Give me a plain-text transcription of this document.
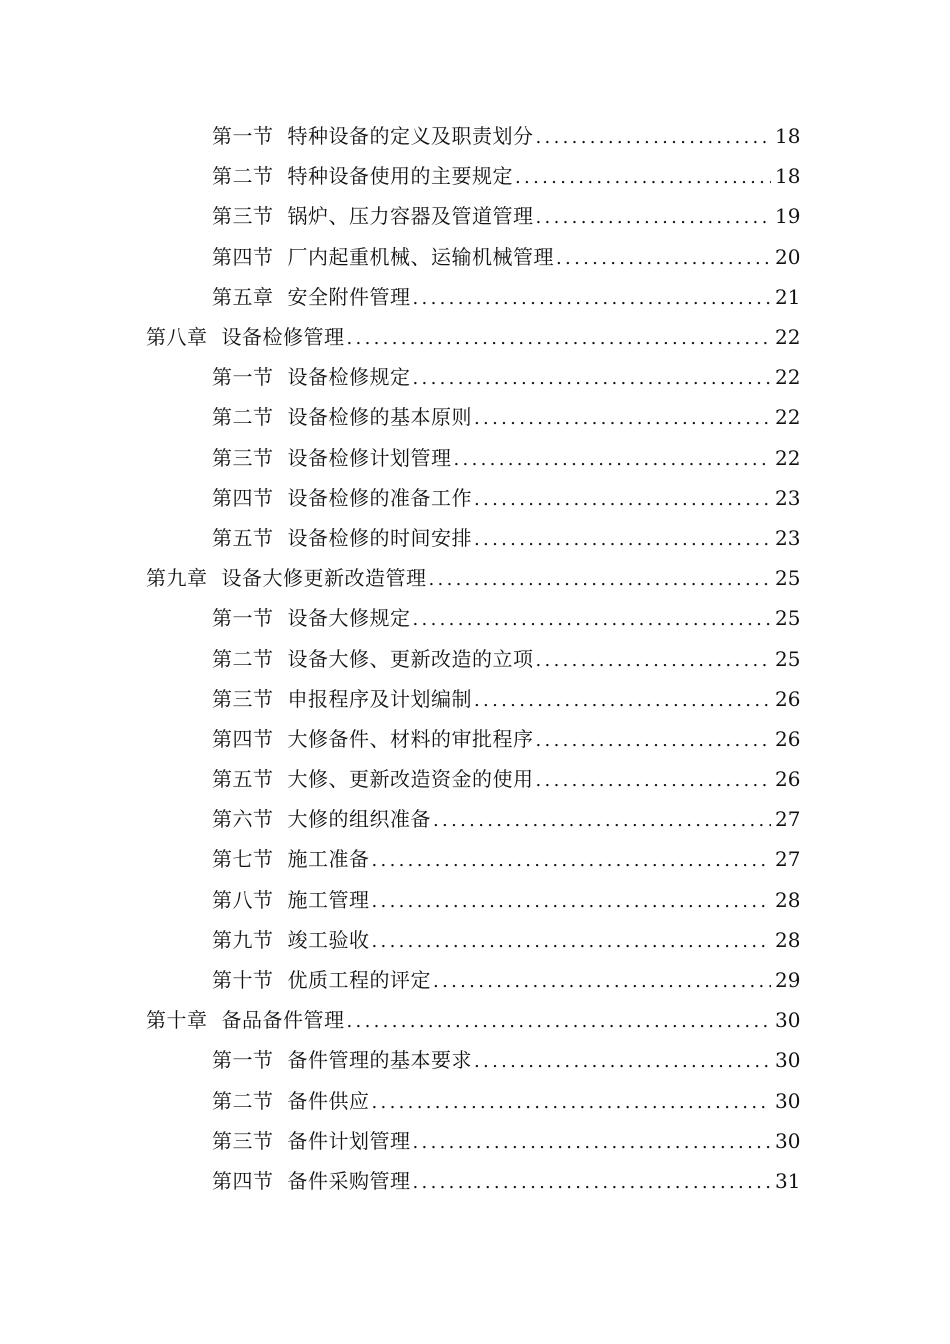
第一节 特种设备的定义及职责划分 . . .	18
第二节 特种设备使用的主要规定 . . .	18
第三节 锅炉、压力容器及管道管理 . . .	19
第四节 厂内起重机械、运输机械管理 . . .	20
第五章 安全附件管理 . . .	21
第八章 设备检修管理 . . .	22
第一节 设备检修规定 . . .	22
第二节 设备检修的基本原则 . . .	22
第三节 设备检修计划管理 . . .	22
第四节 设备检修的准备工作 . . .	23
第五节 设备检修的时间安排 . . .	23
第九章 设备大修更新改造管理 . . .	25
第一节 设备大修规定 . . .	25
第二节 设备大修、更新改造的立项 . . .	25
第三节 申报程序及计划编制 . . .	26
第四节 大修备件、材料的审批程序 . . .	26
第五节 大修、更新改造资金的使用 . . .	26
第六节 大修的组织准备 . . .	27
第七节 施工准备 . . .	27
第八节 施工管理 . . .	28
第九节 竣工验收 . . .	28
第十节 优质工程的评定 . . .	29
第十章 备品备件管理 . . .	30
第一节 备件管理的基本要求 . . .	30
第二节 备件供应 . . .	30
第三节 备件计划管理 . . .	30
第四节 备件采购管理 . . .	31
